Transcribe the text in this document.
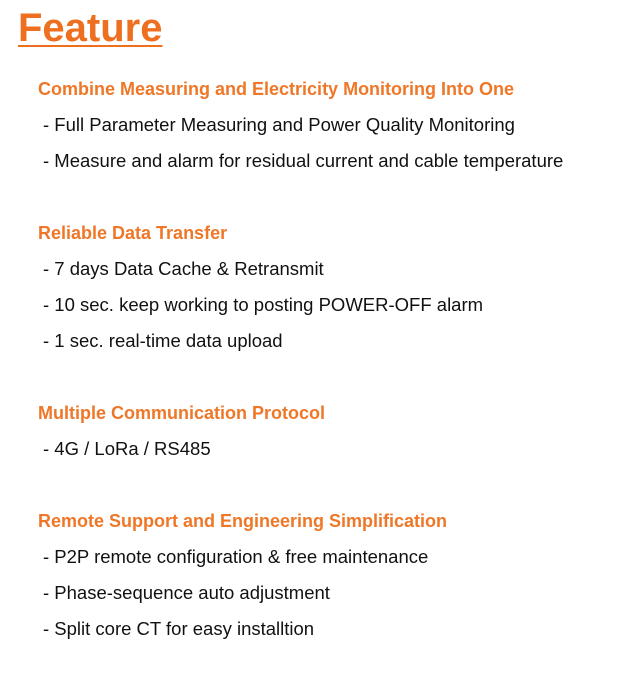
Feature
Combine Measuring and Electricity Monitoring Into One
- Full Parameter Measuring and Power Quality Monitoring
- Measure and alarm for residual current and cable temperature
Reliable Data Transfer
- 7 days Data Cache & Retransmit
- 10 sec. keep working to posting POWER-OFF alarm
- 1 sec. real-time data upload
Multiple Communication Protocol
- 4G / LoRa / RS485
Remote Support and Engineering Simplification
- P2P remote configuration & free maintenance
- Phase-sequence auto adjustment
- Split core CT for easy installtion
